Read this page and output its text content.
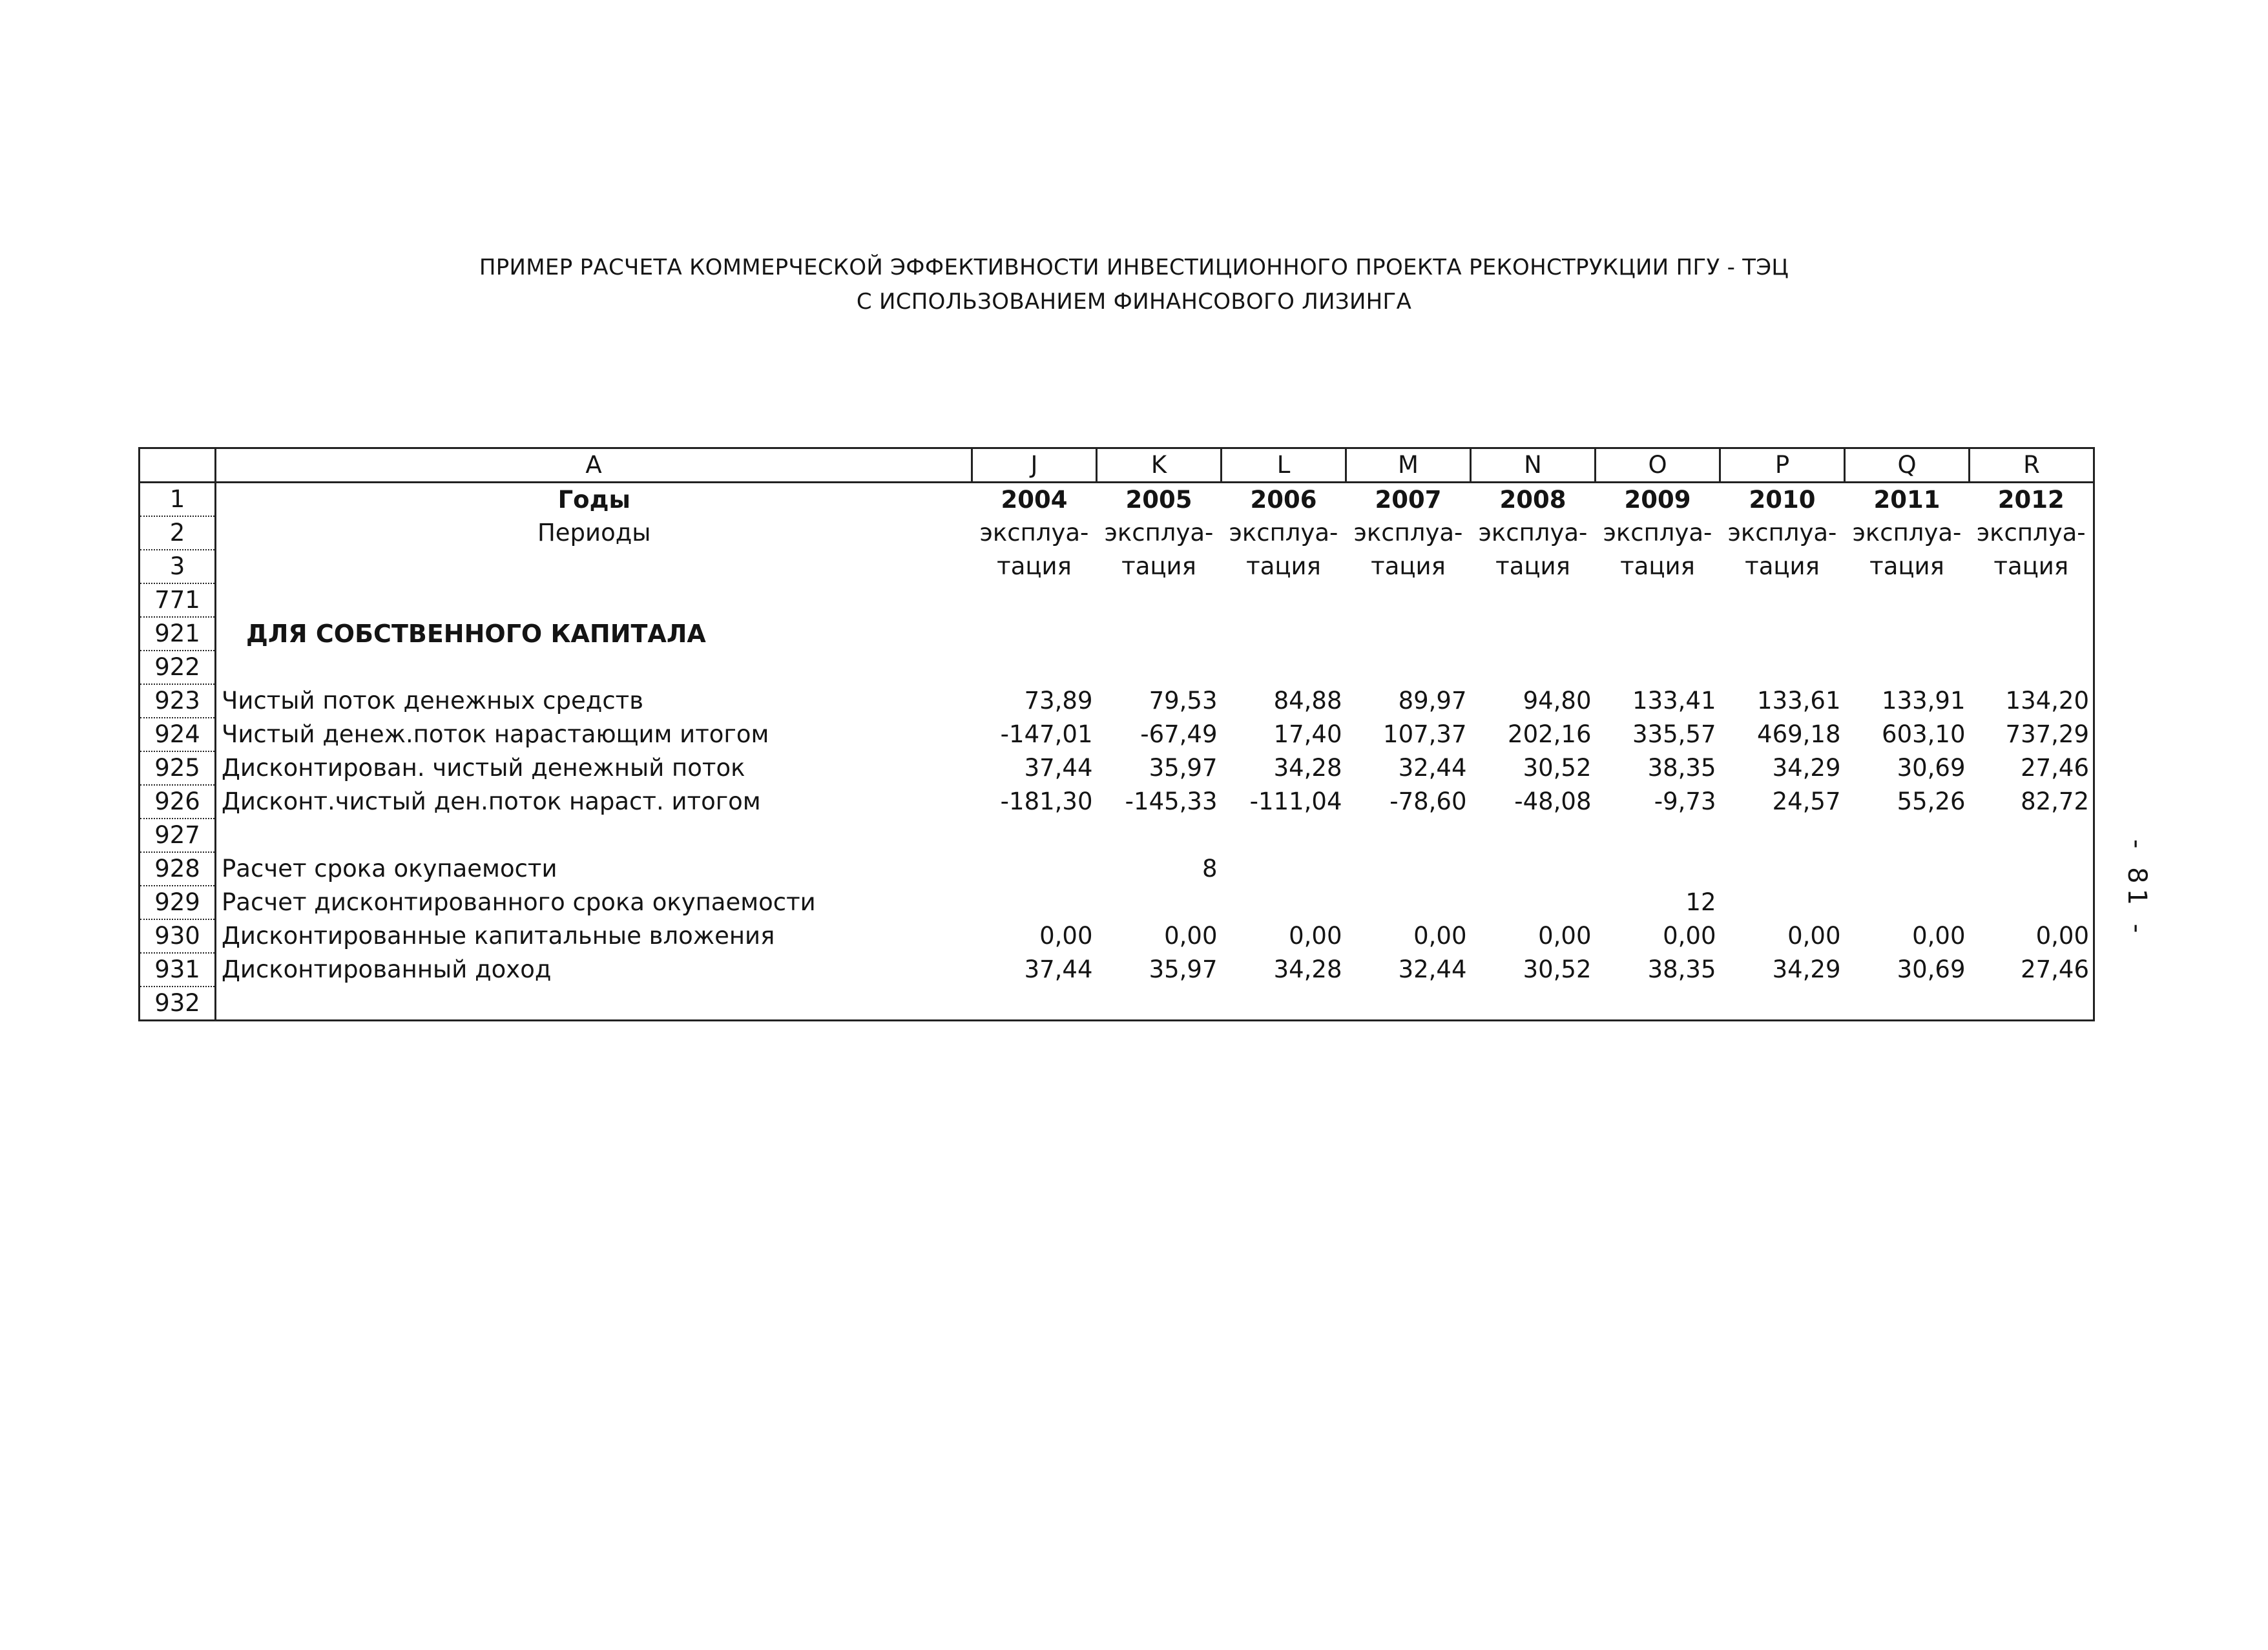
ПРИМЕР РАСЧЕТА КОММЕРЧЕСКОЙ ЭФФЕКТИВНОСТИ ИНВЕСТИЦИОННОГО ПРОЕКТА РЕКОНСТРУКЦИИ ПГУ - ТЭЦ
С ИСПОЛЬЗОВАНИЕМ ФИНАНСОВОГО ЛИЗИНГА
	A	J	K	L	M	N	O	P	Q	R
1	Годы	2004	2005	2006	2007	2008	2009	2010	2011	2012
2	Периоды	эксплуа-	эксплуа-	эксплуа-	эксплуа-	эксплуа-	эксплуа-	эксплуа-	эксплуа-	эксплуа-
3		тация	тация	тация	тация	тация	тация	тация	тация	тация
771										
921	ДЛЯ СОБСТВЕННОГО КАПИТАЛА									
922										
923	Чистый поток денежных средств	73,89	79,53	84,88	89,97	94,80	133,41	133,61	133,91	134,20
924	Чистый денеж.поток нарастающим итогом	-147,01	-67,49	17,40	107,37	202,16	335,57	469,18	603,10	737,29
925	Дисконтирован. чистый денежный поток	37,44	35,97	34,28	32,44	30,52	38,35	34,29	30,69	27,46
926	Дисконт.чистый ден.поток нараст. итогом	-181,30	-145,33	-111,04	-78,60	-48,08	-9,73	24,57	55,26	82,72
927										
928	Расчет срока окупаемости		8							
929	Расчет дисконтированного срока окупаемости						12			
930	Дисконтированные капитальные вложения	0,00	0,00	0,00	0,00	0,00	0,00	0,00	0,00	0,00
931	Дисконтированный доход	37,44	35,97	34,28	32,44	30,52	38,35	34,29	30,69	27,46
932										
- 81 -
